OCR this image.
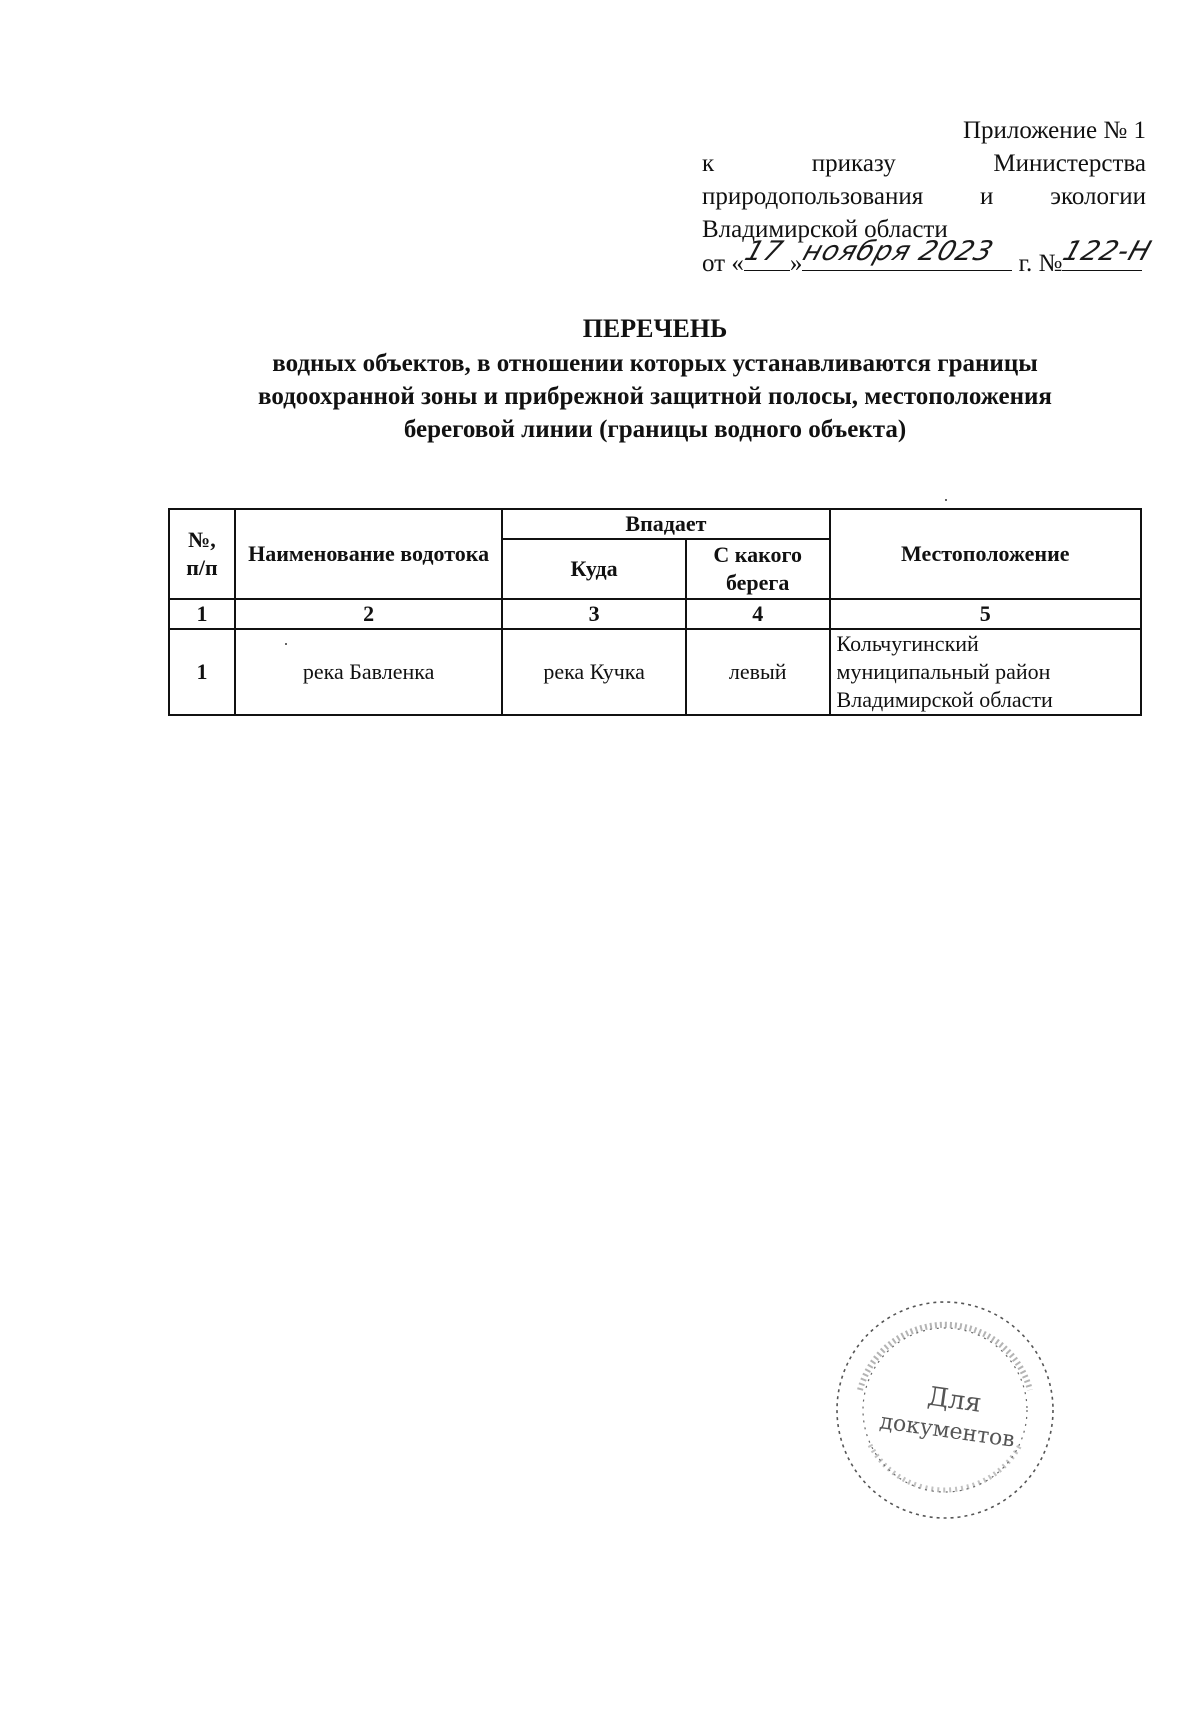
Приложение № 1
к	приказу	Министерства
природопользования и экологии
Владимирской области
от «
17 »
ноября 2023 г. №
122-Н
ПЕРЕЧЕНЬ
водных объектов, в отношении которых устанавливаются границы водоохранной зоны и прибрежной защитной полосы, местоположения береговой линии (границы водного объекта)
№, п/п	Наименование водотока	Впадает		Местоположение
		Куда	С какого берега	
1	2	3	4	5
1	река Бавленка	река Кучка	левый	Кольчугинский муниципальный район Владимирской области
Для
документов
